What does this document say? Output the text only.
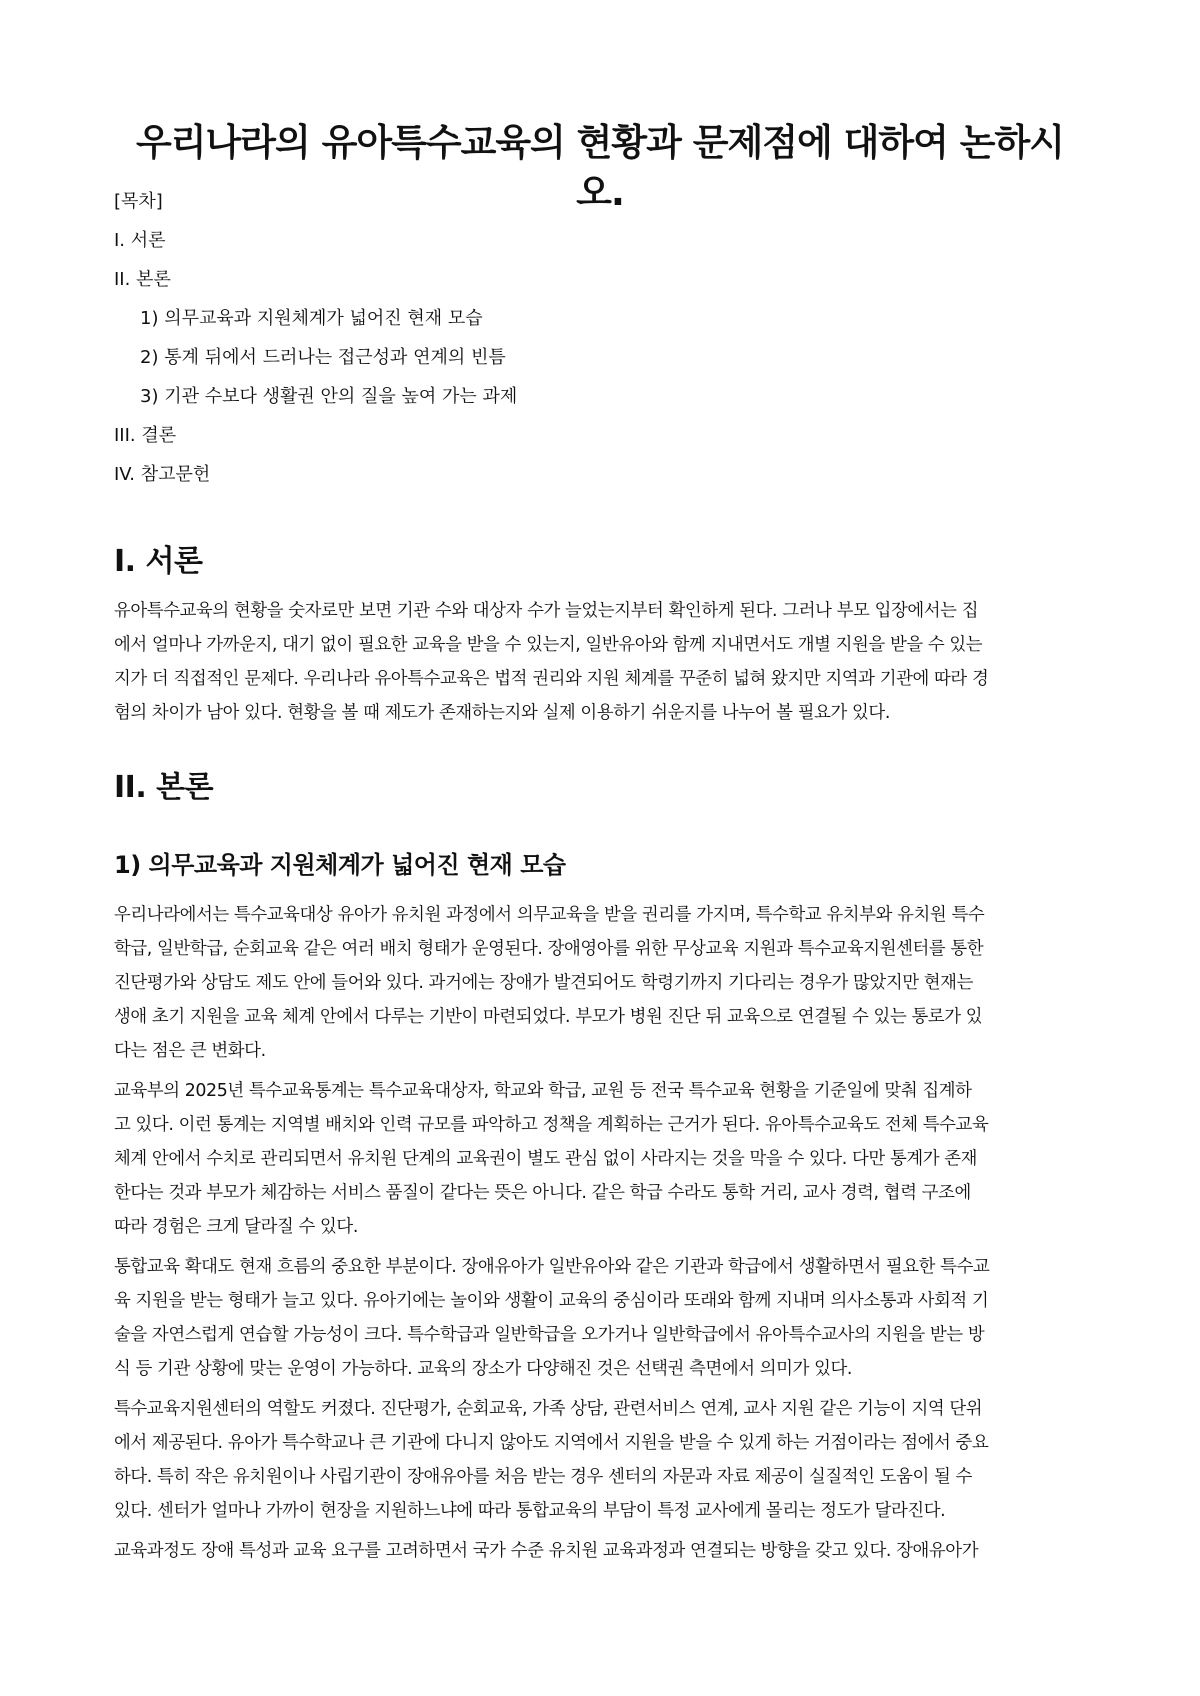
우리나라의 유아특수교육의 현황과 문제점에 대하여 논하시오.
[목차]
I. 서론
II. 본론
1) 의무교육과 지원체계가 넓어진 현재 모습
2) 통계 뒤에서 드러나는 접근성과 연계의 빈틈
3) 기관 수보다 생활권 안의 질을 높여 가는 과제
III. 결론
IV. 참고문헌
I. 서론
유아특수교육의 현황을 숫자로만 보면 기관 수와 대상자 수가 늘었는지부터 확인하게 된다. 그러나 부모 입장에서는 집
에서 얼마나 가까운지, 대기 없이 필요한 교육을 받을 수 있는지, 일반유아와 함께 지내면서도 개별 지원을 받을 수 있는
지가 더 직접적인 문제다. 우리나라 유아특수교육은 법적 권리와 지원 체계를 꾸준히 넓혀 왔지만 지역과 기관에 따라 경
험의 차이가 남아 있다. 현황을 볼 때 제도가 존재하는지와 실제 이용하기 쉬운지를 나누어 볼 필요가 있다.
II. 본론
1) 의무교육과 지원체계가 넓어진 현재 모습
우리나라에서는 특수교육대상 유아가 유치원 과정에서 의무교육을 받을 권리를 가지며, 특수학교 유치부와 유치원 특수
학급, 일반학급, 순회교육 같은 여러 배치 형태가 운영된다. 장애영아를 위한 무상교육 지원과 특수교육지원센터를 통한
진단평가와 상담도 제도 안에 들어와 있다. 과거에는 장애가 발견되어도 학령기까지 기다리는 경우가 많았지만 현재는
생애 초기 지원을 교육 체계 안에서 다루는 기반이 마련되었다. 부모가 병원 진단 뒤 교육으로 연결될 수 있는 통로가 있
다는 점은 큰 변화다.
교육부의 2025년 특수교육통계는 특수교육대상자, 학교와 학급, 교원 등 전국 특수교육 현황을 기준일에 맞춰 집계하
고 있다. 이런 통계는 지역별 배치와 인력 규모를 파악하고 정책을 계획하는 근거가 된다. 유아특수교육도 전체 특수교육
체계 안에서 수치로 관리되면서 유치원 단계의 교육권이 별도 관심 없이 사라지는 것을 막을 수 있다. 다만 통계가 존재
한다는 것과 부모가 체감하는 서비스 품질이 같다는 뜻은 아니다. 같은 학급 수라도 통학 거리, 교사 경력, 협력 구조에
따라 경험은 크게 달라질 수 있다.
통합교육 확대도 현재 흐름의 중요한 부분이다. 장애유아가 일반유아와 같은 기관과 학급에서 생활하면서 필요한 특수교
육 지원을 받는 형태가 늘고 있다. 유아기에는 놀이와 생활이 교육의 중심이라 또래와 함께 지내며 의사소통과 사회적 기
술을 자연스럽게 연습할 가능성이 크다. 특수학급과 일반학급을 오가거나 일반학급에서 유아특수교사의 지원을 받는 방
식 등 기관 상황에 맞는 운영이 가능하다. 교육의 장소가 다양해진 것은 선택권 측면에서 의미가 있다.
특수교육지원센터의 역할도 커졌다. 진단평가, 순회교육, 가족 상담, 관련서비스 연계, 교사 지원 같은 기능이 지역 단위
에서 제공된다. 유아가 특수학교나 큰 기관에 다니지 않아도 지역에서 지원을 받을 수 있게 하는 거점이라는 점에서 중요
하다. 특히 작은 유치원이나 사립기관이 장애유아를 처음 받는 경우 센터의 자문과 자료 제공이 실질적인 도움이 될 수
있다. 센터가 얼마나 가까이 현장을 지원하느냐에 따라 통합교육의 부담이 특정 교사에게 몰리는 정도가 달라진다.
교육과정도 장애 특성과 교육 요구를 고려하면서 국가 수준 유치원 교육과정과 연결되는 방향을 갖고 있다. 장애유아가
